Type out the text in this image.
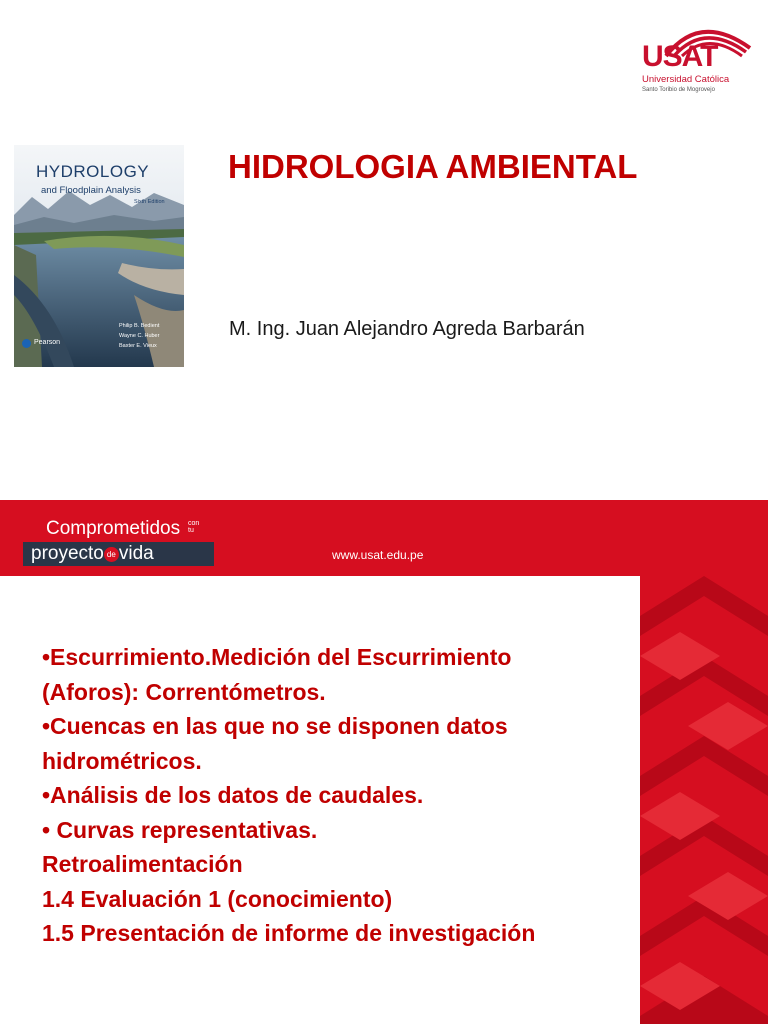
USAT
Universidad Católica
Santo Toribio de Mogrovejo
HYDROLOGY
and Floodplain Analysis
Sixth Edition
Philip B. Bedient
Wayne C. Huber
Baxter E. Vieux
Pearson
HIDROLOGIA AMBIENTAL
M. Ing. Juan Alejandro Agreda Barbarán
Comprometidos con
tu
proyecto de vida	www.usat.edu.pe
•Escurrimiento.Medición del Escurrimiento
(Aforos): Correntómetros.
•Cuencas en las que no se disponen datos
hidrométricos.
•Análisis de los datos de caudales.
• Curvas representativas.
Retroalimentación
1.4 Evaluación 1 (conocimiento)
1.5 Presentación de informe de investigación
